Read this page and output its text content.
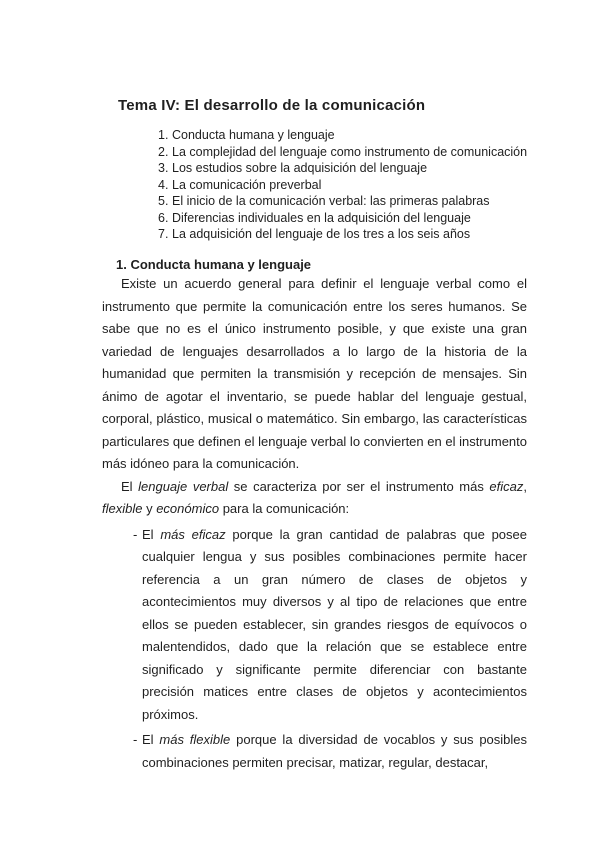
Tema IV: El desarrollo de la comunicación
1. Conducta humana y lenguaje
2. La complejidad del lenguaje como instrumento de comunicación
3. Los estudios sobre la adquisición del lenguaje
4. La comunicación preverbal
5. El inicio de la comunicación verbal: las primeras palabras
6. Diferencias individuales en la adquisición del lenguaje
7. La adquisición del lenguaje de los tres a los seis años
1. Conducta humana y lenguaje

Existe un acuerdo general para definir el lenguaje verbal como el instrumento que permite la comunicación entre los seres humanos. Se sabe que no es el único instrumento posible, y que existe una gran variedad de lenguajes desarrollados a lo largo de la historia de la humanidad que permiten la transmisión y recepción de mensajes. Sin ánimo de agotar el inventario, se puede hablar del lenguaje gestual, corporal, plástico, musical o matemático. Sin embargo, las características particulares que definen el lenguaje verbal lo convierten en el instrumento más idóneo para la comunicación.

El lenguaje verbal se caracteriza por ser el instrumento más eficaz, flexible y económico para la comunicación:

- El más eficaz porque la gran cantidad de palabras que posee cualquier lengua y sus posibles combinaciones permite hacer referencia a un gran número de clases de objetos y acontecimientos muy diversos y al tipo de relaciones que entre ellos se pueden establecer, sin grandes riesgos de equívocos o malentendidos, dado que la relación que se establece entre significado y significante permite diferenciar con bastante precisión matices entre clases de objetos y acontecimientos próximos.
- El más flexible porque la diversidad de vocablos y sus posibles combinaciones permiten precisar, matizar, regular, destacar,
